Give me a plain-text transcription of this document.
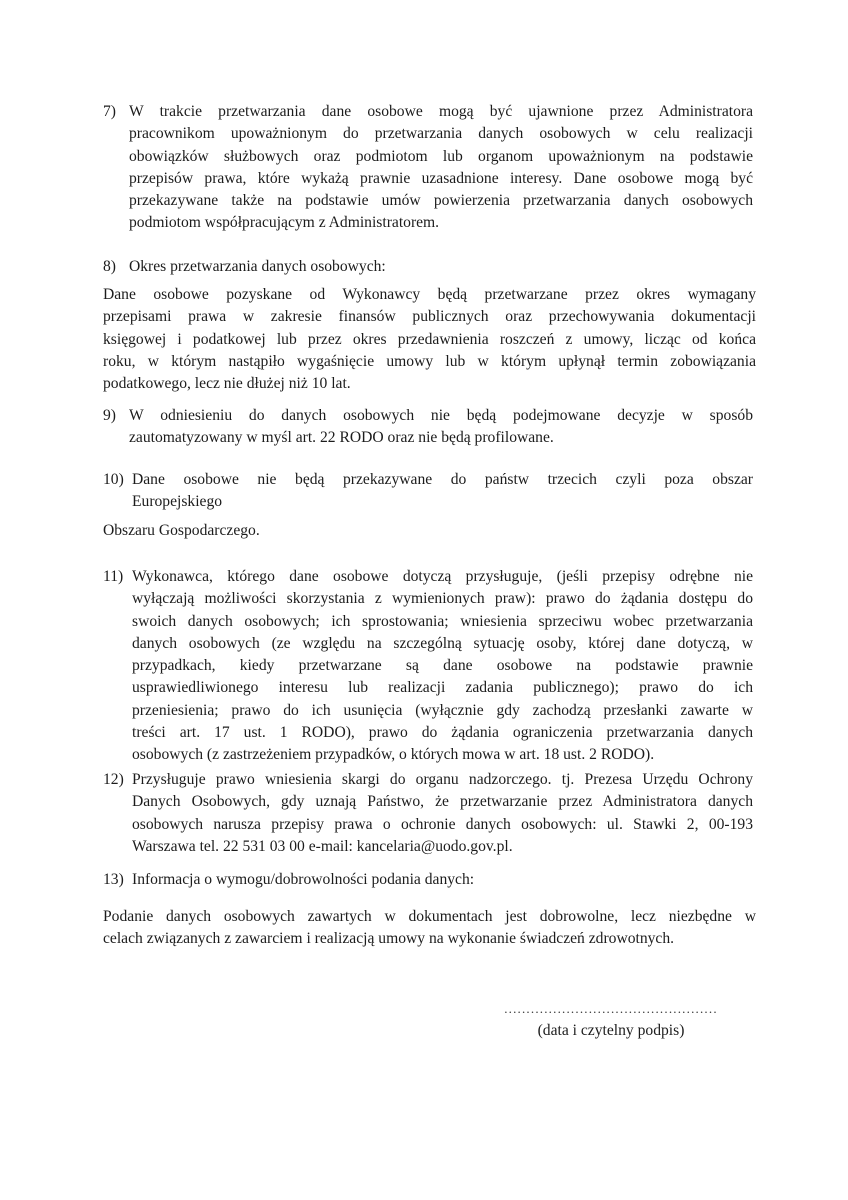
7) W trakcie przetwarzania dane osobowe mogą być ujawnione przez Administratora
pracownikom upoważnionym do przetwarzania danych osobowych w celu realizacji
obowiązków służbowych oraz podmiotom lub organom upoważnionym na podstawie
przepisów prawa, które wykażą prawnie uzasadnione interesy. Dane osobowe mogą być
przekazywane także na podstawie umów powierzenia przetwarzania danych osobowych
podmiotom współpracującym z Administratorem.
8) Okres przetwarzania danych osobowych:
Dane osobowe pozyskane od Wykonawcy będą przetwarzane przez okres wymagany
przepisami prawa w zakresie finansów publicznych oraz przechowywania dokumentacji
księgowej i podatkowej lub przez okres przedawnienia roszczeń z umowy, licząc od końca
roku, w którym nastąpiło wygaśnięcie umowy lub w którym upłynął termin zobowiązania
podatkowego, lecz nie dłużej niż 10 lat.
9) W odniesieniu do danych osobowych nie będą podejmowane decyzje w sposób
zautomatyzowany w myśl art. 22 RODO oraz nie będą profilowane.
10) Dane osobowe nie będą przekazywane do państw trzecich czyli poza obszar
Europejskiego
Obszaru Gospodarczego.
11) Wykonawca, którego dane osobowe dotyczą przysługuje, (jeśli przepisy odrębne nie
wyłączają możliwości skorzystania z wymienionych praw): prawo do żądania dostępu do
swoich danych osobowych; ich sprostowania; wniesienia sprzeciwu wobec przetwarzania
danych osobowych (ze względu na szczególną sytuację osoby, której dane dotyczą, w
przypadkach, kiedy przetwarzane są dane osobowe na podstawie prawnie
usprawiedliwionego interesu lub realizacji zadania publicznego); prawo do ich
przeniesienia; prawo do ich usunięcia (wyłącznie gdy zachodzą przesłanki zawarte w
treści art. 17 ust. 1 RODO), prawo do żądania ograniczenia przetwarzania danych
osobowych (z zastrzeżeniem przypadków, o których mowa w art. 18 ust. 2 RODO).
12) Przysługuje prawo wniesienia skargi do organu nadzorczego. tj. Prezesa Urzędu Ochrony
Danych Osobowych, gdy uznają Państwo, że przetwarzanie przez Administratora danych
osobowych narusza przepisy prawa o ochronie danych osobowych: ul. Stawki 2, 00-193
Warszawa tel. 22 531 03 00 e-mail: kancelaria@uodo.gov.pl.
13) Informacja o wymogu/dobrowolności podania danych:
Podanie danych osobowych zawartych w dokumentach jest dobrowolne, lecz niezbędne w
celach związanych z zawarciem i realizacją umowy na wykonanie świadczeń zdrowotnych.
................................................
(data i czytelny podpis)
